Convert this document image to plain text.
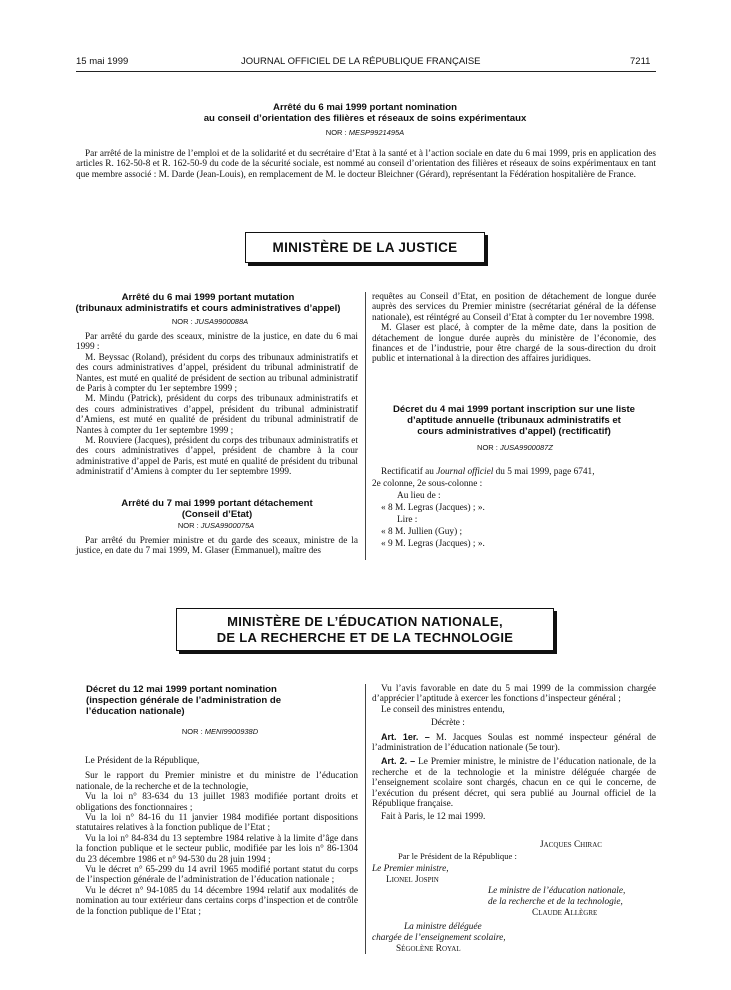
15 mai 1999	JOURNAL OFFICIEL DE LA RÉPUBLIQUE FRANÇAISE	7211
Arrêté du 6 mai 1999 portant nomination
au conseil d’orientation des filières et réseaux de soins expérimentaux
NOR : MESP9921495A

Par arrêté de la ministre de l’emploi et de la solidarité et du secrétaire d’Etat à la santé et à l’action sociale en date du 6 mai 1999, pris en application des articles R. 162-50-8 et R. 162-50-9 du code de la sécurité sociale, est nommé au conseil d’orientation des filières et réseaux de soins expérimentaux en tant que membre associé : M. Darde (Jean-Louis), en remplacement de M. le docteur Bleichner (Gérard), représentant la Fédération hospitalière de France.

MINISTÈRE DE LA JUSTICE
Arrêté du 6 mai 1999 portant mutation
(tribunaux administratifs et cours administratives d’appel)
NOR : JUSA9900088A

Par arrêté du garde des sceaux, ministre de la justice, en date du 6 mai 1999 :

M. Beyssac (Roland), président du corps des tribunaux administratifs et des cours administratives d’appel, président du tribunal administratif de Nantes, est muté en qualité de président de section au tribunal administratif de Paris à compter du 1er septembre 1999 ;

M. Mindu (Patrick), président du corps des tribunaux administratifs et des cours administratives d’appel, président du tribunal administratif d’Amiens, est muté en qualité de président du tribunal administratif de Nantes à compter du 1er septembre 1999 ;

M. Rouviere (Jacques), président du corps des tribunaux administratifs et des cours administratives d’appel, président de chambre à la cour administrative d’appel de Paris, est muté en qualité de président du tribunal administratif d’Amiens à compter du 1er septembre 1999.

Arrêté du 7 mai 1999 portant détachement
(Conseil d’Etat)
NOR : JUSA9900075A

Par arrêté du Premier ministre et du garde des sceaux, ministre de la justice, en date du 7 mai 1999, M. Glaser (Emmanuel), maître des

requêtes au Conseil d’Etat, en position de détachement de longue durée auprès des services du Premier ministre (secrétariat général de la défense nationale), est réintégré au Conseil d’Etat à compter du 1er novembre 1998.

M. Glaser est placé, à compter de la même date, dans la position de détachement de longue durée auprès du ministère de l’économie, des finances et de l’industrie, pour être chargé de la sous-direction du droit public et international à la direction des affaires juridiques.

Décret du 4 mai 1999 portant inscription sur une liste
d’aptitude annuelle (tribunaux administratifs et
cours administratives d’appel) (rectificatif)
NOR : JUSA9900087Z

Rectificatif au Journal officiel du 5 mai 1999, page 6741,

2e colonne, 2e sous-colonne :

Au lieu de :

« 8 M. Legras (Jacques) ; ».

Lire :

« 8 M. Jullien (Guy) ;

« 9 M. Legras (Jacques) ; ».

MINISTÈRE DE L’ÉDUCATION NATIONALE,
DE LA RECHERCHE ET DE LA TECHNOLOGIE
Décret du 12 mai 1999 portant nomination
(inspection générale de l’administration de
l’éducation nationale)
NOR : MENI9900938D

Le Président de la République,

Sur le rapport du Premier ministre et du ministre de l’éducation nationale, de la recherche et de la technologie,

Vu la loi n° 83-634 du 13 juillet 1983 modifiée portant droits et obligations des fonctionnaires ;

Vu la loi n° 84-16 du 11 janvier 1984 modifiée portant dispositions statutaires relatives à la fonction publique de l’Etat ;

Vu la loi n° 84-834 du 13 septembre 1984 relative à la limite d’âge dans la fonction publique et le secteur public, modifiée par les lois n° 86-1304 du 23 décembre 1986 et n° 94-530 du 28 juin 1994 ;

Vu le décret n° 65-299 du 14 avril 1965 modifié portant statut du corps de l’inspection générale de l’administration de l’éducation nationale ;

Vu le décret n° 94-1085 du 14 décembre 1994 relatif aux modalités de nomination au tour extérieur dans certains corps d’inspection et de contrôle de la fonction publique de l’Etat ;

Vu l’avis favorable en date du 5 mai 1999 de la commission chargée d’apprécier l’aptitude à exercer les fonctions d’inspecteur général ;

Le conseil des ministres entendu,

Décrète :

Art. 1er. – M. Jacques Soulas est nommé inspecteur général de l’administration de l’éducation nationale (5e tour).

Art. 2. – Le Premier ministre, le ministre de l’éducation nationale, de la recherche et de la technologie et la ministre déléguée chargée de l’enseignement scolaire sont chargés, chacun en ce qui le concerne, de l’exécution du présent décret, qui sera publié au Journal officiel de la République française.

Fait à Paris, le 12 mai 1999.

Jacques Chirac
Par le Président de la République :
Le Premier ministre,
Lionel Jospin
Le ministre de l’éducation nationale,
de la recherche et de la technologie,
Claude Allègre
La ministre déléguée
chargée de l’enseignement scolaire,
Ségolène Royal
